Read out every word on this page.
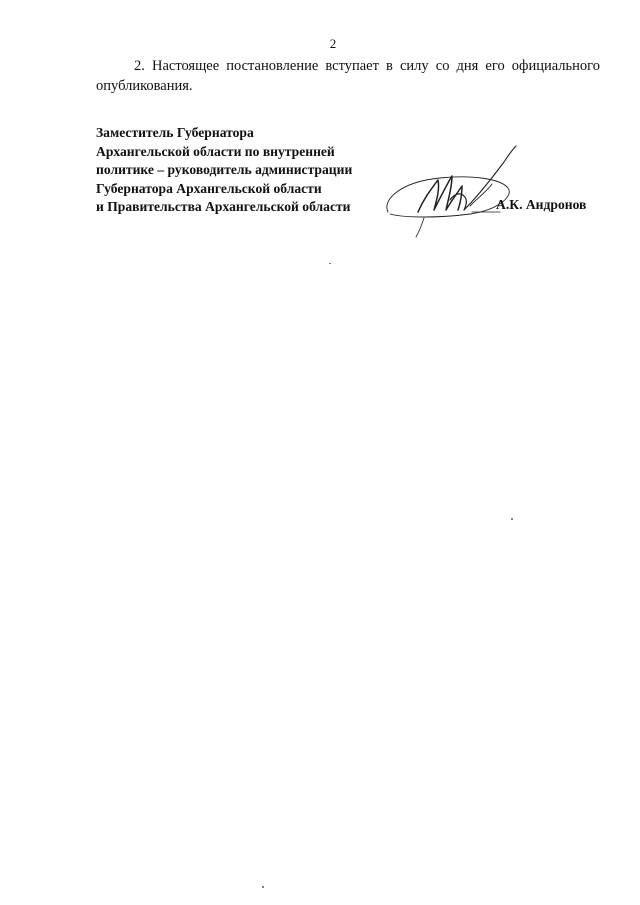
2
2. Настоящее постановление вступает в силу со дня его официального опубликования.
Заместитель Губернатора
Архангельской области по внутренней
политике – руководитель администрации
Губернатора Архангельской области
и Правительства Архангельской области	А.К. Андронов
